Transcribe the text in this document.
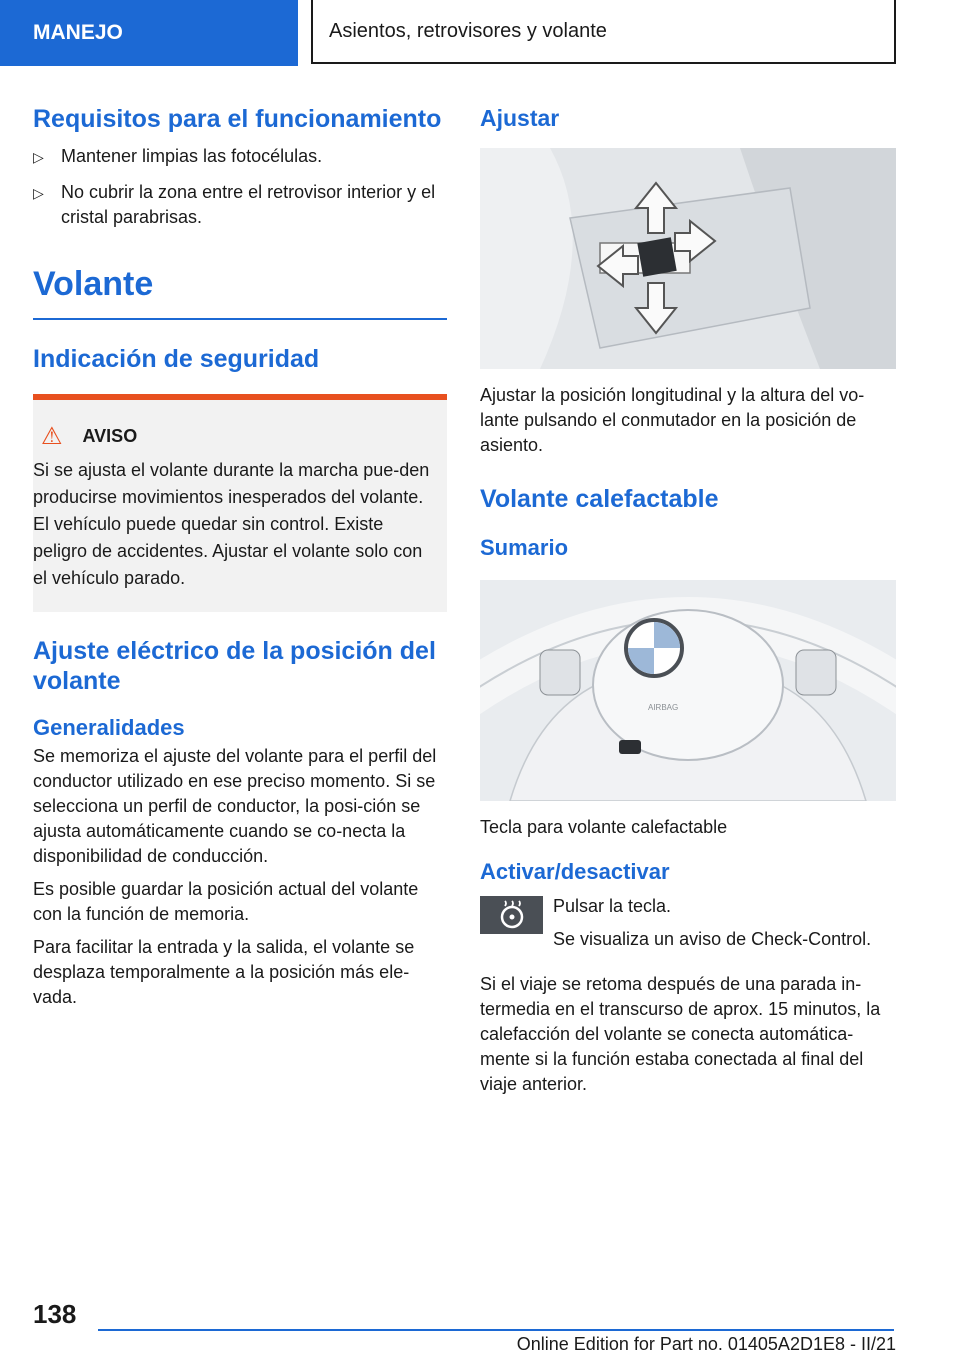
MANEJO	Asientos, retrovisores y volante
Requisitos para el funcionamiento
▷ Mantener limpias las fotocélulas.
▷ No cubrir la zona entre el retrovisor interior y el cristal parabrisas.
Volante
Indicación de seguridad
⚠ AVISO
Si se ajusta el volante durante la marcha pue-den producirse movimientos inesperados del volante. El vehículo puede quedar sin control. Existe peligro de accidentes. Ajustar el volante solo con el vehículo parado.
Ajuste eléctrico de la posición del volante
Generalidades

Se memoriza el ajuste del volante para el perfil del conductor utilizado en ese preciso momento. Si se selecciona un perfil de conductor, la posi-ción se ajusta automáticamente cuando se co-necta la disponibilidad de conducción.

Es posible guardar la posición actual del volante con la función de memoria.

Para facilitar la entrada y la salida, el volante se desplaza temporalmente a la posición más ele-vada.

Ajustar

Ajustar la posición longitudinal y la altura del vo-lante pulsando el conmutador en la posición de asiento.

Volante calefactable
Sumario
AIRBAG

Tecla para volante calefactable

Activar/desactivar

Pulsar la tecla.

Se visualiza un aviso de Check-Control.

Si el viaje se retoma después de una parada in-termedia en el transcurso de aprox. 15 minutos, la calefacción del volante se conecta automática-mente si la función estaba conectada al final del viaje anterior.

138
Online Edition for Part no. 01405A2D1E8 - II/21
